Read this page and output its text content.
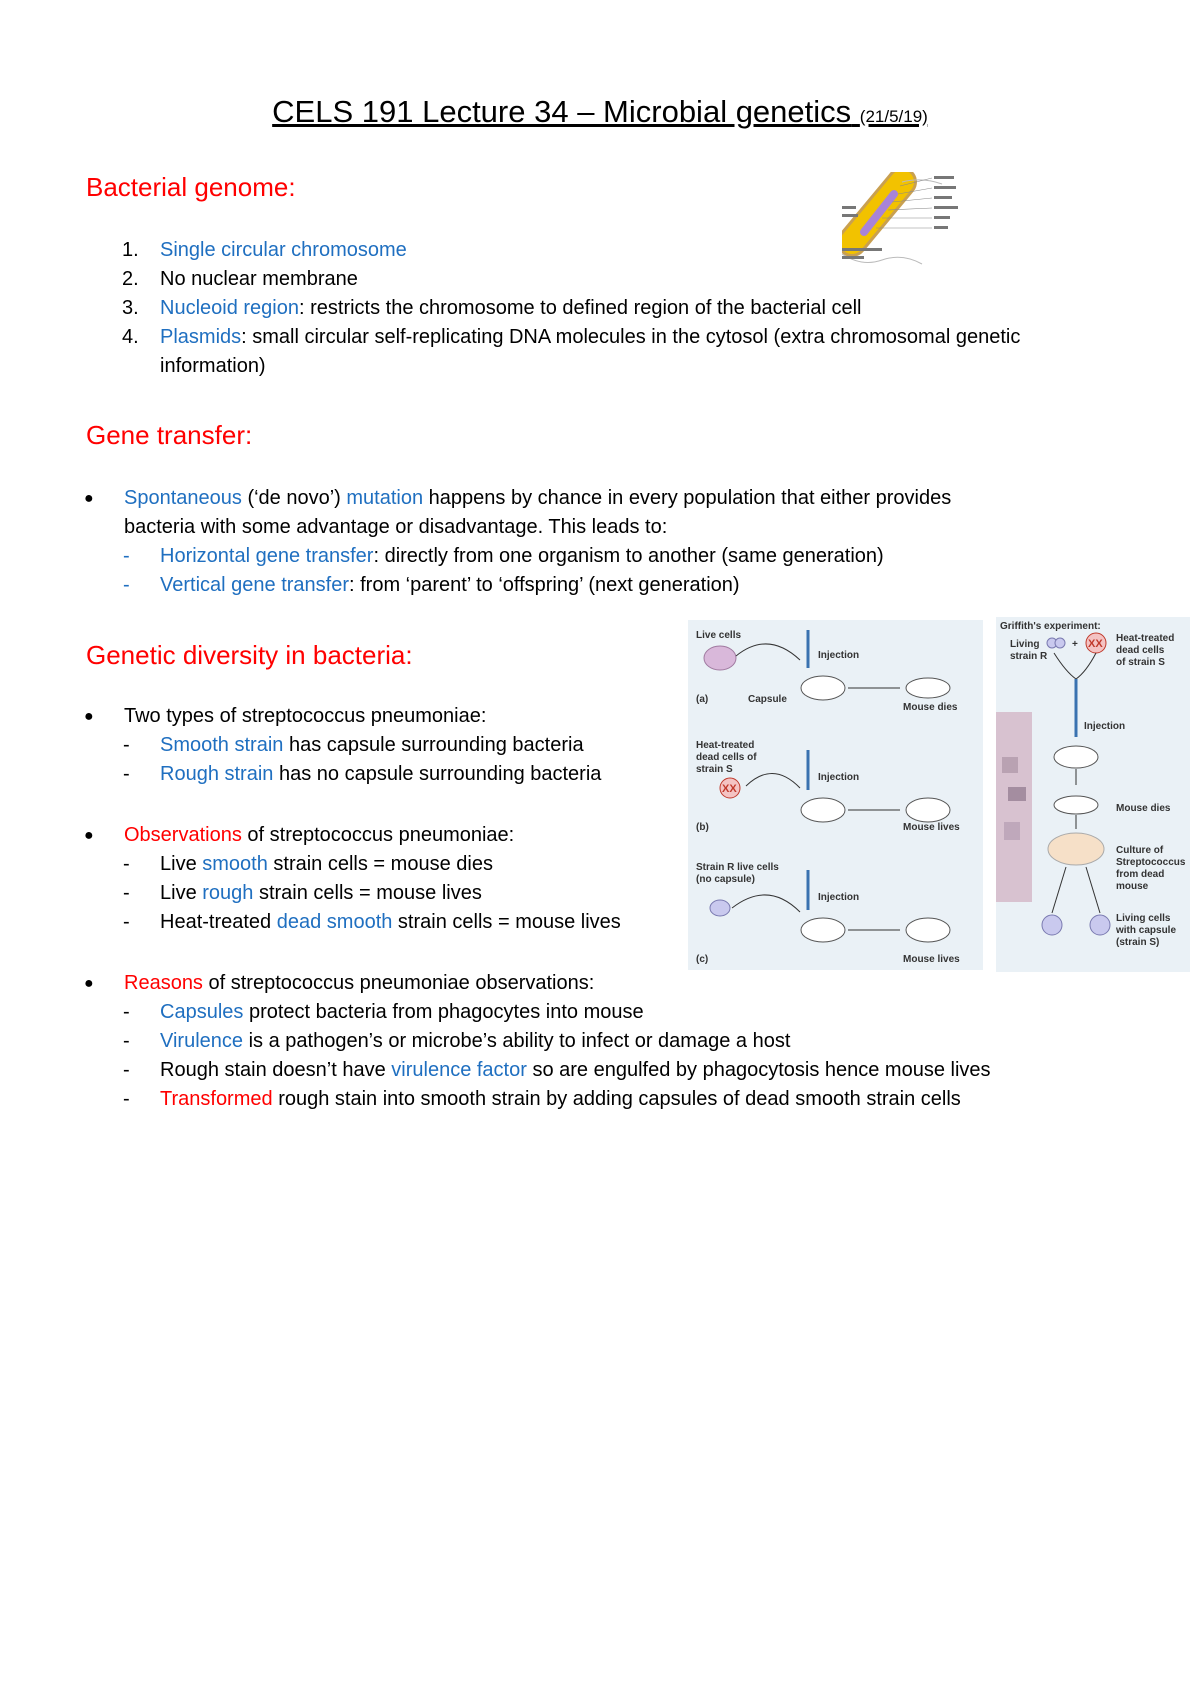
CELS 191 Lecture 34 – Microbial genetics (21/5/19)
Bacterial genome:
1.	Single circular chromosome
2.	No nuclear membrane
3.	Nucleoid region: restricts the chromosome to defined region of the bacterial cell
4.	Plasmids: small circular self-replicating DNA molecules in the cytosol (extra chromosomal genetic
information)
Gene transfer:
● Spontaneous (‘de novo’) mutation happens by chance in every population that either provides
bacteria with some advantage or disadvantage. This leads to:
- Horizontal gene transfer: directly from one organism to another (same generation)
- Vertical gene transfer: from ‘parent’ to ‘offspring’ (next generation)
Genetic diversity in bacteria:
● Two types of streptococcus pneumoniae:
- Smooth strain has capsule surrounding bacteria
- Rough strain has no capsule surrounding bacteria
● Observations of streptococcus pneumoniae:
- Live smooth strain cells = mouse dies
- Live rough strain cells = mouse lives
- Heat-treated dead smooth strain cells = mouse lives
● Reasons of streptococcus pneumoniae observations:
- Capsules protect bacteria from phagocytes into mouse
- Virulence is a pathogen’s or microbe’s ability to infect or damage a host
- Rough stain doesn’t have virulence factor so are engulfed by phagocytosis hence mouse lives
- Transformed rough stain into smooth strain by adding capsules of dead smooth strain cells
Live cells
Injection
Capsule
(a)
Mouse dies
Heat-treated
dead cells of
strain S
XX
Injection
(b)	Mouse lives
Strain R live cells
(no capsule)
Injection
(c)	Mouse lives
Griffith's experiment:
Living
strain R
+ XX Heat-treated
dead cells
of strain S
Injection
Mouse dies
Culture of
Streptococcus
from dead
mouse
Living cells
with capsule
(strain S)
